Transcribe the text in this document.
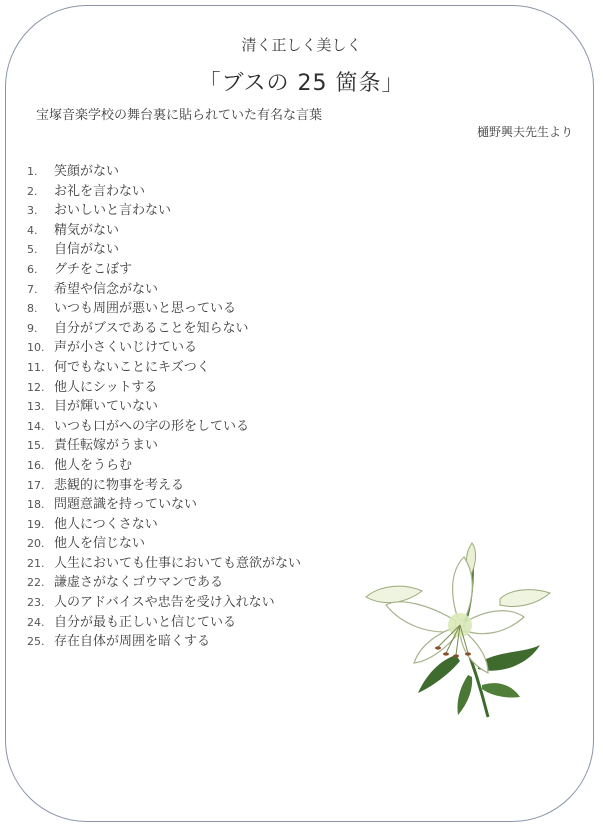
清く正しく美しく
「ブスの 25 箇条」
宝塚音楽学校の舞台裏に貼られていた有名な言葉
樋野興夫先生より
1. 笑顔がない
2. お礼を言わない
3. おいしいと言わない
4. 精気がない
5. 自信がない
6. グチをこぼす
7. 希望や信念がない
8. いつも周囲が悪いと思っている
9. 自分がブスであることを知らない
10. 声が小さくいじけている
11. 何でもないことにキズつく
12. 他人にシットする
13. 目が輝いていない
14. いつも口がへの字の形をしている
15. 責任転嫁がうまい
16. 他人をうらむ
17. 悲観的に物事を考える
18. 問題意識を持っていない
19. 他人につくさない
20. 他人を信じない
21. 人生においても仕事においても意欲がない
22. 謙虚さがなくゴウマンである
23. 人のアドバイスや忠告を受け入れない
24. 自分が最も正しいと信じている
25. 存在自体が周囲を暗くする
